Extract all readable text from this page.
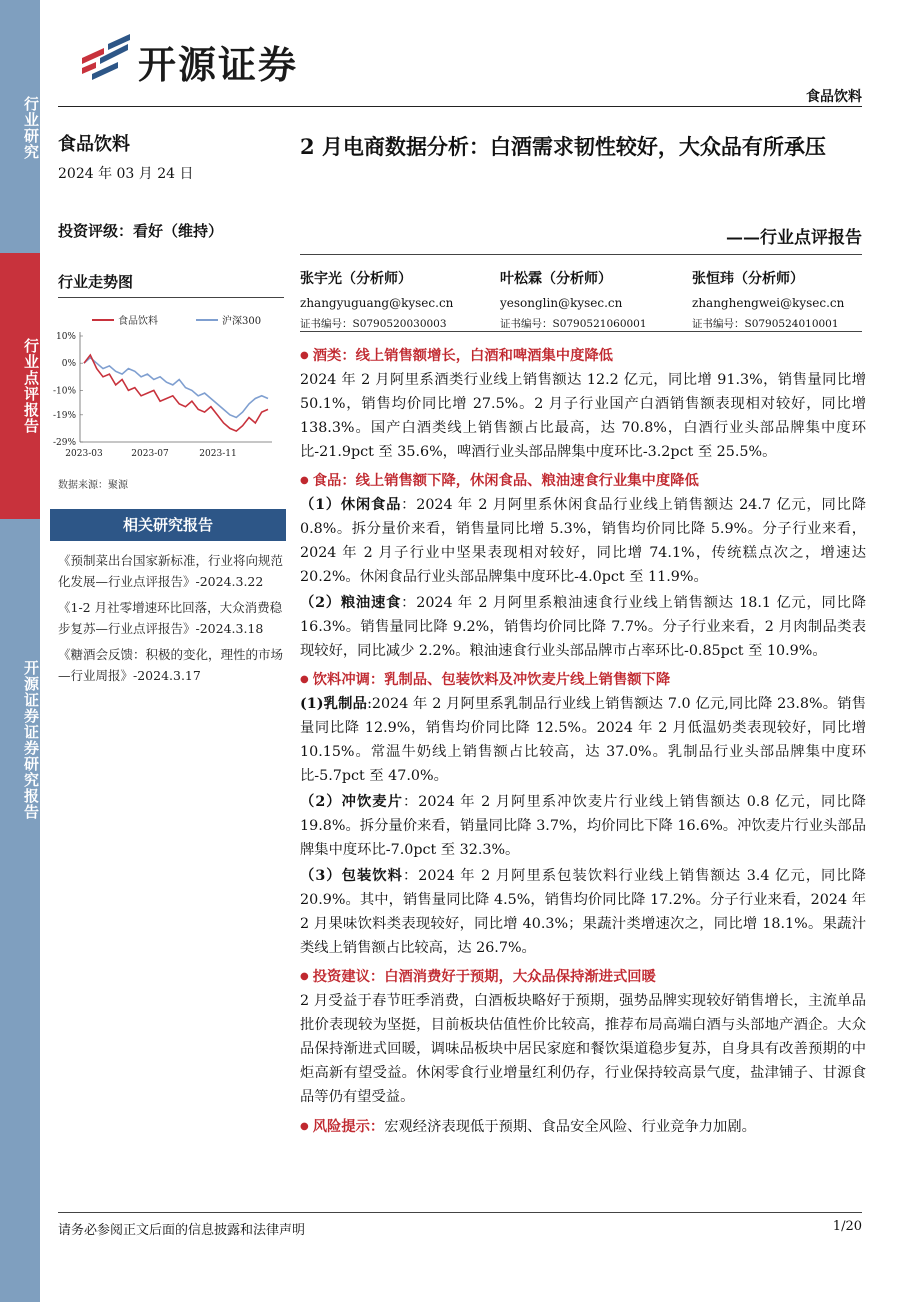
行业研究
行业点评报告
开源证券证券研究报告
开源证券
食品饮料
食品饮料
2024 年 03 月 24 日
投资评级：看好（维持）
行业走势图
10%
0%
-10%
-19%
-29%
2023-03	2023-07	2023-11
食品饮料	沪深300
数据来源：聚源
相关研究报告

《预制菜出台国家新标准，行业将向规范化发展—行业点评报告》-2024.3.22

《1-2 月社零增速环比回落，大众消费稳步复苏—行业点评报告》-2024.3.18

《糖酒会反馈：积极的变化，理性的市场—行业周报》-2024.3.17

2 月电商数据分析：白酒需求韧性较好，大众品有所承压
——行业点评报告
张宇光（分析师）
zhangyuguang@kysec.cn
证书编号：S0790520030003
叶松霖（分析师）
yesonglin@kysec.cn
证书编号：S0790521060001
张恒玮（分析师）
zhanghengwei@kysec.cn
证书编号：S0790524010001
● 酒类：线上销售额增长，白酒和啤酒集中度降低
2024 年 2 月阿里系酒类行业线上销售额达 12.2 亿元，同比增 91.3%，销售量同比增 50.1%，销售均价同比增 27.5%。2 月子行业国产白酒销售额表现相对较好，同比增 138.3%。国产白酒类线上销售额占比最高，达 70.8%，白酒行业头部品牌集中度环比-21.9pct 至 35.6%，啤酒行业头部品牌集中度环比-3.2pct 至 25.5%。
● 食品：线上销售额下降，休闲食品、粮油速食行业集中度降低
（1）休闲食品：2024 年 2 月阿里系休闲食品行业线上销售额达 24.7 亿元，同比降 0.8%。拆分量价来看，销售量同比增 5.3%，销售均价同比降 5.9%。分子行业来看，2024 年 2 月子行业中坚果表现相对较好，同比增 74.1%，传统糕点次之，增速达 20.2%。休闲食品行业头部品牌集中度环比-4.0pct 至 11.9%。
（2）粮油速食：2024 年 2 月阿里系粮油速食行业线上销售额达 18.1 亿元，同比降 16.3%。销售量同比降 9.2%，销售均价同比降 7.7%。分子行业来看，2 月肉制品类表现较好，同比减少 2.2%。粮油速食行业头部品牌市占率环比-0.85pct 至 10.9%。
● 饮料冲调：乳制品、包装饮料及冲饮麦片线上销售额下降
(1)乳制品:2024 年 2 月阿里系乳制品行业线上销售额达 7.0 亿元,同比降 23.8%。销售量同比降 12.9%，销售均价同比降 12.5%。2024 年 2 月低温奶类表现较好，同比增 10.15%。常温牛奶线上销售额占比较高，达 37.0%。乳制品行业头部品牌集中度环比-5.7pct 至 47.0%。
（2）冲饮麦片：2024 年 2 月阿里系冲饮麦片行业线上销售额达 0.8 亿元，同比降 19.8%。拆分量价来看，销量同比降 3.7%，均价同比下降 16.6%。冲饮麦片行业头部品牌集中度环比-7.0pct 至 32.3%。
（3）包装饮料：2024 年 2 月阿里系包装饮料行业线上销售额达 3.4 亿元，同比降 20.9%。其中，销售量同比降 4.5%，销售均价同比降 17.2%。分子行业来看，2024 年 2 月果味饮料类表现较好，同比增 40.3%；果蔬汁类增速次之，同比增 18.1%。果蔬汁类线上销售额占比较高，达 26.7%。
● 投资建议：白酒消费好于预期，大众品保持渐进式回暖
2 月受益于春节旺季消费，白酒板块略好于预期，强势品牌实现较好销售增长，主流单品批价表现较为坚挺，目前板块估值性价比较高，推荐布局高端白酒与头部地产酒企。大众品保持渐进式回暖，调味品板块中居民家庭和餐饮渠道稳步复苏，自身具有改善预期的中炬高新有望受益。休闲零食行业增量红利仍存，行业保持较高景气度，盐津铺子、甘源食品等仍有望受益。
● 风险提示：宏观经济表现低于预期、食品安全风险、行业竞争力加剧。
请务必参阅正文后面的信息披露和法律声明	1/20
